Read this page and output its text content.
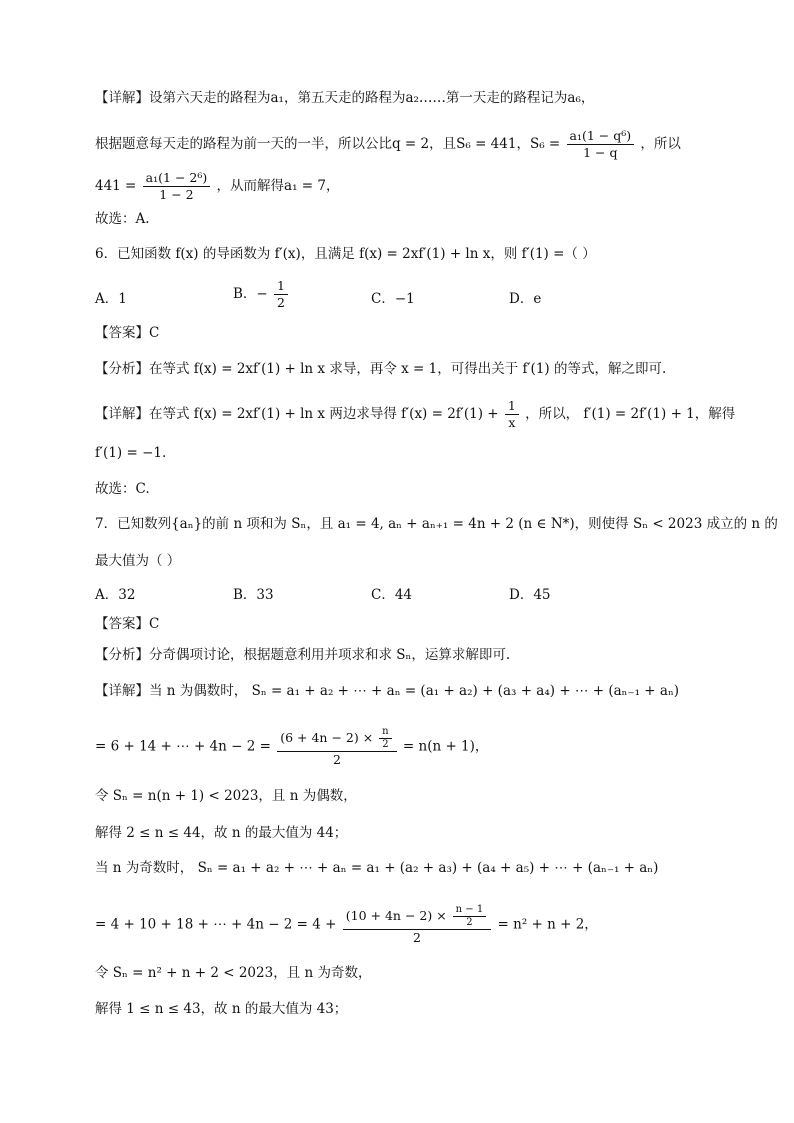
【详解】设第六天走的路程为a₁，第五天走的路程为a₂……第一天走的路程记为a₆，
根据题意每天走的路程为前一天的一半，所以公比q = 2，且S₆ = 441，$S_6 = \frac{\text{a₁(1 − q⁶)}}{1 - q}$ ，所以
$441 = \frac{\text{a₁(1 − 2⁶)}}{1 - 2}$ ，从而解得a₁ = 7，
故选：A.
6．已知函数 f(x) 的导函数为 f′(x)，且满足 f(x) = 2xf′(1) + ln x，则 f′(1) =（ ）
A．1	B．− $\frac{1}{2}$	C．−1	D．e
【答案】C
【分析】在等式 f(x) = 2xf′(1) + ln x 求导，再令 x = 1，可得出关于 f′(1) 的等式，解之即可.
【详解】在等式 f(x) = 2xf′(1) + ln x 两边求导得 $f'(x) = 2f'(1) + \frac{1}{x}$ ，所以， f′(1) = 2f′(1) + 1，解得
f′(1) = −1.
故选：C.
7．已知数列{aₙ}的前 n 项和为 Sₙ，且 a₁ = 4, aₙ + aₙ₊₁ = 4n + 2 (n ∈ N*)，则使得 Sₙ < 2023 成立的 n 的
最大值为（ ）
A．32	B．33	C．44	D．45
【答案】C
【分析】分奇偶项讨论，根据题意利用并项求和求 Sₙ，运算求解即可.
【详解】当 n 为偶数时， Sₙ = a₁ + a₂ + ⋯ + aₙ = (a₁ + a₂) + (a₃ + a₄) + ⋯ + (aₙ₋₁ + aₙ)
= 6 + 14 + ⋯ + $4n - 2 = \frac{(6 + 4n - 2) \times \frac{n}{2}}{2} = n(n + 1)$，
令 Sₙ = n(n + 1) < 2023，且 n 为偶数，
解得 2 ≤ n ≤ 44，故 n 的最大值为 44；
当 n 为奇数时， Sₙ = a₁ + a₂ + ⋯ + aₙ = a₁ + (a₂ + a₃) + (a₄ + a₅) + ⋯ + (aₙ₋₁ + aₙ)
= 4 + 10 + 18 + ⋯ + $4n - 2 = 4 + \frac{(10 + 4n - 2) \times \frac{n - 1}{2}}{2} = n^2 + n + 2$，
令 Sₙ = n² + n + 2 < 2023，且 n 为奇数，
解得 1 ≤ n ≤ 43，故 n 的最大值为 43；
